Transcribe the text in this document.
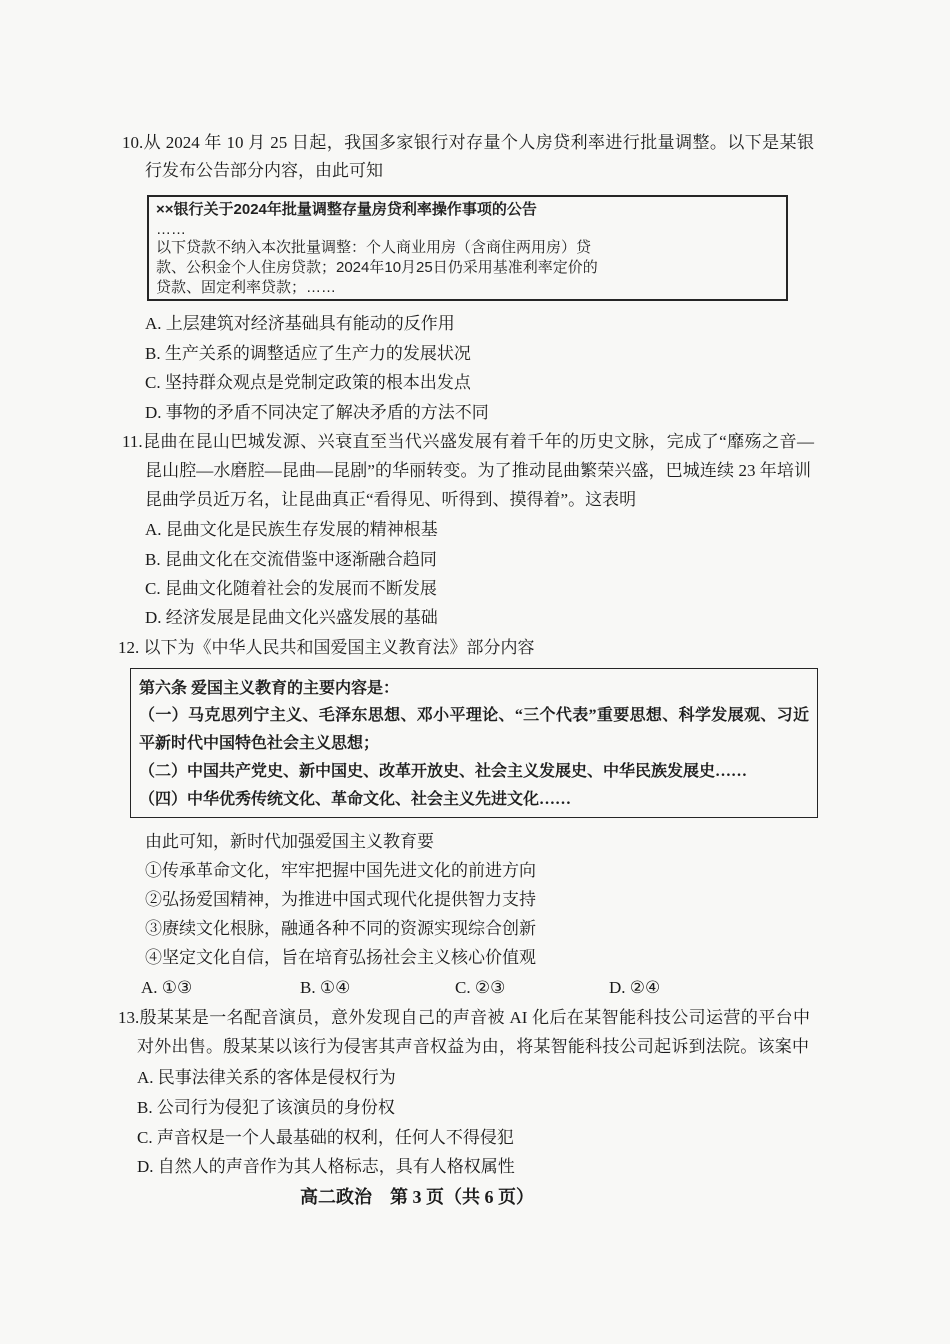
10.从 2024 年 10 月 25 日起，我国多家银行对存量个人房贷利率进行批量调整。以下是某银
行发布公告部分内容，由此可知
××银行关于2024年批量调整存量房贷利率操作事项的公告
……
以下贷款不纳入本次批量调整：个人商业用房（含商住两用房）贷
款、公积金个人住房贷款；2024年10月25日仍采用基准利率定价的
贷款、固定利率贷款；……
A. 上层建筑对经济基础具有能动的反作用
B. 生产关系的调整适应了生产力的发展状况
C. 坚持群众观点是党制定政策的根本出发点
D. 事物的矛盾不同决定了解决矛盾的方法不同
11.昆曲在昆山巴城发源、兴衰直至当代兴盛发展有着千年的历史文脉，完成了“靡殇之音—
昆山腔—水磨腔—昆曲—昆剧”的华丽转变。为了推动昆曲繁荣兴盛，巴城连续 23 年培训
昆曲学员近万名，让昆曲真正“看得见、听得到、摸得着”。这表明
A. 昆曲文化是民族生存发展的精神根基
B. 昆曲文化在交流借鉴中逐渐融合趋同
C. 昆曲文化随着社会的发展而不断发展
D. 经济发展是昆曲文化兴盛发展的基础
12. 以下为《中华人民共和国爱国主义教育法》部分内容
第六条 爱国主义教育的主要内容是：
（一）马克思列宁主义、毛泽东思想、邓小平理论、“三个代表”重要思想、科学发展观、习近
平新时代中国特色社会主义思想；
（二）中国共产党史、新中国史、改革开放史、社会主义发展史、中华民族发展史……
（四）中华优秀传统文化、革命文化、社会主义先进文化……
由此可知，新时代加强爱国主义教育要
①传承革命文化，牢牢把握中国先进文化的前进方向
②弘扬爱国精神，为推进中国式现代化提供智力支持
③赓续文化根脉，融通各种不同的资源实现综合创新
④坚定文化自信，旨在培育弘扬社会主义核心价值观
A. ①③	B. ①④	C. ②③	D. ②④
13.殷某某是一名配音演员，意外发现自己的声音被 AI 化后在某智能科技公司运营的平台中
对外出售。殷某某以该行为侵害其声音权益为由，将某智能科技公司起诉到法院。该案中
A. 民事法律关系的客体是侵权行为
B. 公司行为侵犯了该演员的身份权
C. 声音权是一个人最基础的权利，任何人不得侵犯
D. 自然人的声音作为其人格标志，具有人格权属性
高二政治　第 3 页（共 6 页）
